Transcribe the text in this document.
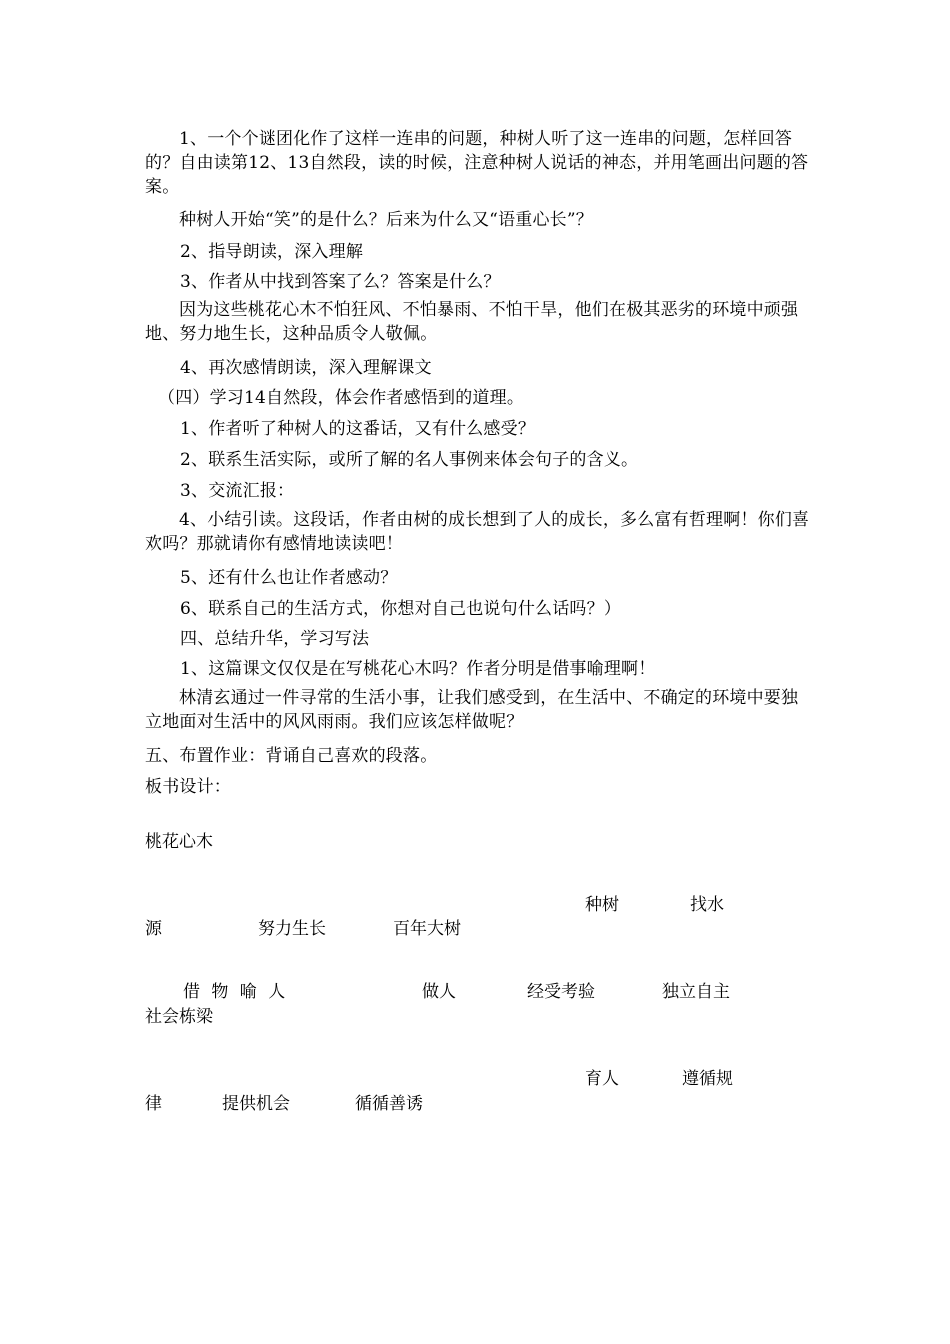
1、一个个谜团化作了这样一连串的问题，种树人听了这一连串的问题，怎样回答的？自由读第12、13自然段，读的时候，注意种树人说话的神态，并用笔画出问题的答案。
种树人开始“笑”的是什么？后来为什么又“语重心长”？
2、指导朗读，深入理解
3、作者从中找到答案了么？答案是什么？
因为这些桃花心木不怕狂风、不怕暴雨、不怕干旱，他们在极其恶劣的环境中顽强地、努力地生长，这种品质令人敬佩。
4、再次感情朗读，深入理解课文
（四）学习14自然段，体会作者感悟到的道理。
1、作者听了种树人的这番话，又有什么感受？
2、联系生活实际，或所了解的名人事例来体会句子的含义。
3、交流汇报：
4、小结引读。这段话，作者由树的成长想到了人的成长，多么富有哲理啊！你们喜欢吗？那就请你有感情地读读吧！
5、还有什么也让作者感动？
6、联系自己的生活方式，你想对自己也说句什么话吗？）
四、总结升华，学习写法
1、这篇课文仅仅是在写桃花心木吗？作者分明是借事喻理啊！
林清玄通过一件寻常的生活小事，让我们感受到，在生活中、不确定的环境中要独立地面对生活中的风风雨雨。我们应该怎样做呢？
五、布置作业：背诵自己喜欢的段落。
板书设计：
桃花心木
种树	找水
源	努力生长	百年大树
借 物 喻 人	做人	经受考验	独立自主
社会栋梁
育人	遵循规
律	提供机会	循循善诱
